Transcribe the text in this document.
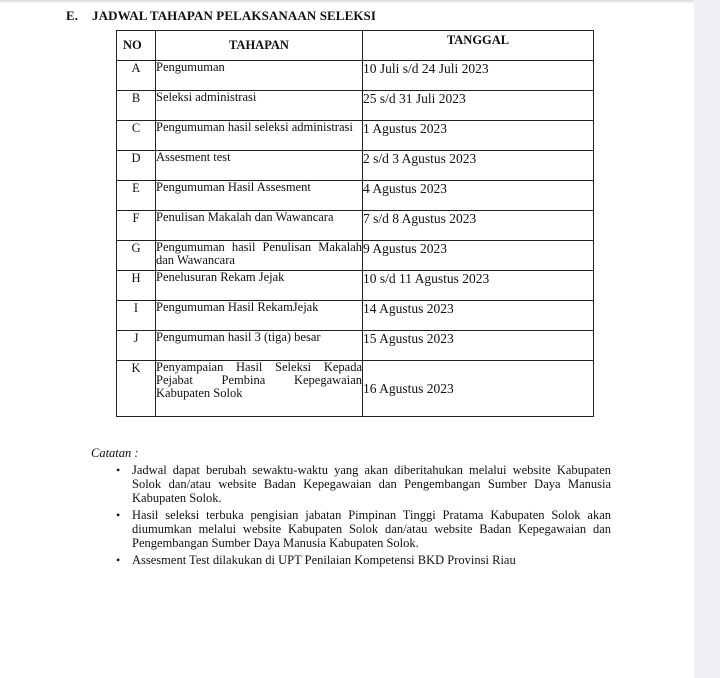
E. JADWAL TAHAPAN PELAKSANAAN SELEKSI
NO	TAHAPAN	TANGGAL
A	Pengumuman	10 Juli s/d 24 Juli 2023
B	Seleksi administrasi	25 s/d 31 Juli 2023
C	Pengumuman hasil seleksi administrasi	1 Agustus 2023
D	Assesment test	2 s/d 3 Agustus 2023
E	Pengumuman Hasil Assesment	4 Agustus 2023
F	Penulisan Makalah dan Wawancara	7 s/d 8 Agustus 2023
G	Pengumuman hasil Penulisan Makalah dan Wawancara	9 Agustus 2023
H	Penelusuran Rekam Jejak	10 s/d 11 Agustus 2023
I	Pengumuman Hasil RekamJejak	14 Agustus 2023
J	Pengumuman hasil 3 (tiga) besar	15 Agustus 2023
K	Penyampaian Hasil Seleksi Kepada Pejabat Pembina Kepegawaian Kabupaten Solok	16 Agustus 2023
Catatan :
• Jadwal dapat berubah sewaktu-waktu yang akan diberitahukan melalui website Kabupaten Solok dan/atau website Badan Kepegawaian dan Pengembangan Sumber Daya Manusia Kabupaten Solok.
• Hasil seleksi terbuka pengisian jabatan Pimpinan Tinggi Pratama Kabupaten Solok akan diumumkan melalui website Kabupaten Solok dan/atau website Badan Kepegawaian dan Pengembangan Sumber Daya Manusia Kabupaten Solok.
• Assesment Test dilakukan di UPT Penilaian Kompetensi BKD Provinsi Riau
